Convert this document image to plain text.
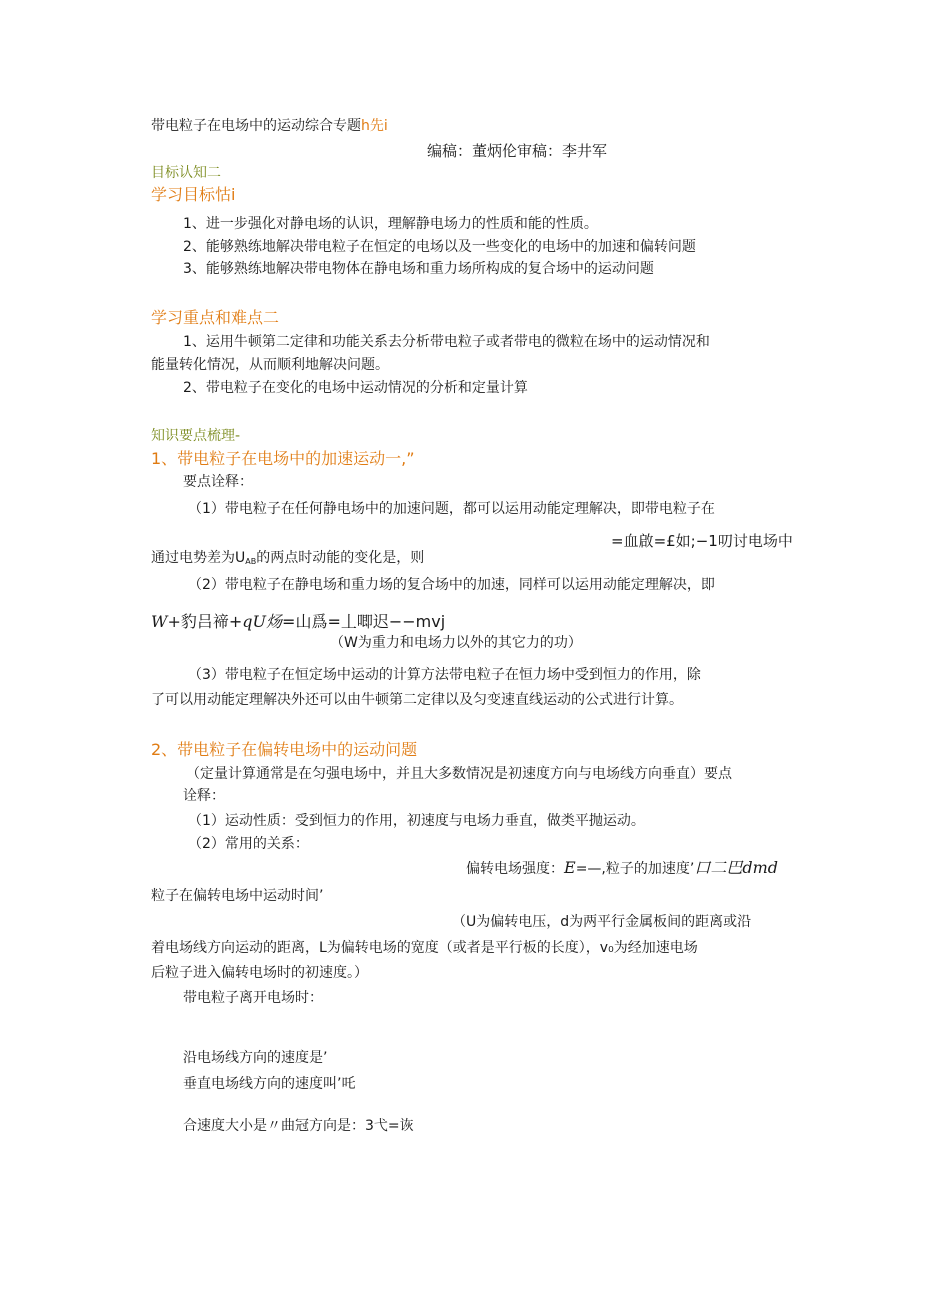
带电粒子在电场中的运动综合专题h先i
编稿：董炳伦审稿：李井军
目标认知二
学习目标怙i
1、进一步强化对静电场的认识，理解静电场力的性质和能的性质。
2、能够熟练地解决带电粒子在恒定的电场以及一些变化的电场中的加速和偏转问题
3、能够熟练地解决带电物体在静电场和重力场所构成的复合场中的运动问题
学习重点和难点二
1、运用牛顿第二定律和功能关系去分析带电粒子或者带电的微粒在场中的运动情况和
能量转化情况，从而顺利地解决问题。
2、带电粒子在变化的电场中运动情况的分析和定量计算
知识要点梳理-
1、带电粒子在电场中的加速运动一,”
要点诠释：
（1）带电粒子在任何静电场中的加速问题，都可以运用动能定理解决，即带电粒子在
=血啟=£如;−1叨讨电场中
通过电势差为$U_{AB}$的两点时动能的变化是，则
（2）带电粒子在静电场和重力场的复合场中的加速，同样可以运用动能定理解决，即
W+豹吕禘+qU炀=山爲=丄唧迟−−mvj
（W为重力和电场力以外的其它力的功）
（3）带电粒子在恒定场中运动的计算方法带电粒子在恒力场中受到恒力的作用，除
了可以用动能定理解决外还可以由牛顿第二定律以及匀变速直线运动的公式进行计算。
2、带电粒子在偏转电场中的运动问题
（定量计算通常是在匀强电场中，并且大多数情况是初速度方向与电场线方向垂直）要点
诠释：
（1）运动性质：受到恒力的作用，初速度与电场力垂直，做类平抛运动。
（2）常用的关系：
偏转电场强度：E=—,粒子的加速度’口二巴dmd
粒子在偏转电场中运动时间’
（U为偏转电压，d为两平行金属板间的距离或沿
着电场线方向运动的距离，L为偏转电场的宽度（或者是平行板的长度），v₀为经加速电场
后粒子进入偏转电场时的初速度。）
带电粒子离开电场时：
沿电场线方向的速度是’
垂直电场线方向的速度叫’吒
合速度大小是〃曲冠方向是：3弋=诙
